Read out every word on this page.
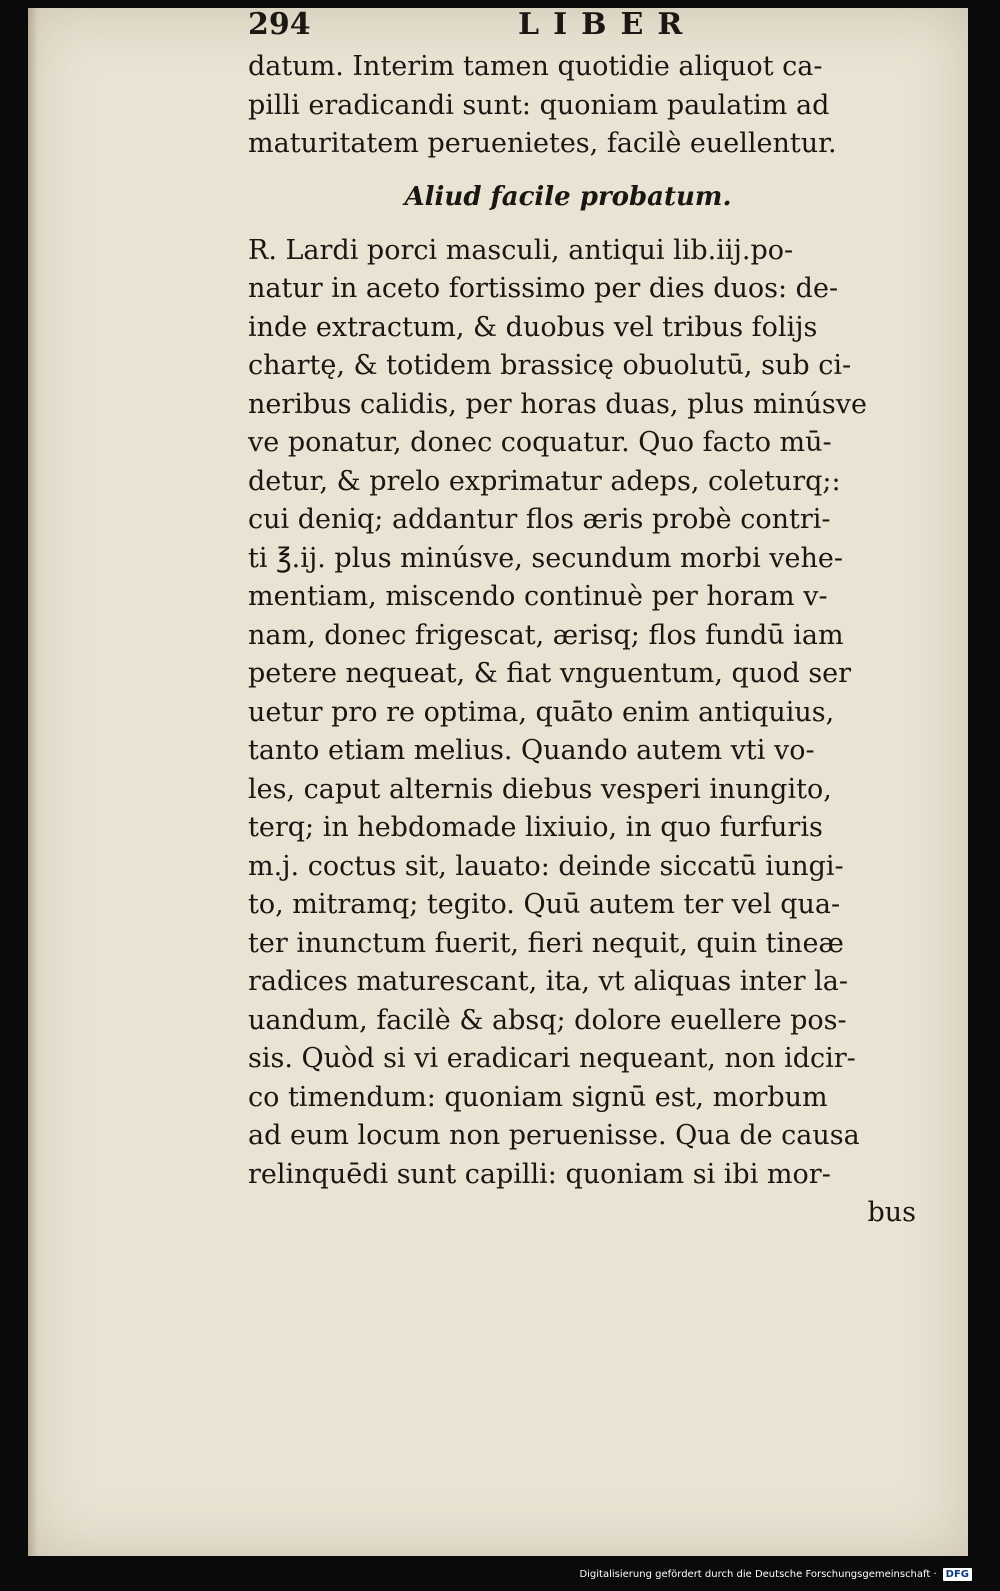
294	LIBER
datum. Interim tamen quotidie aliquot ca-
pilli eradicandi sunt: quoniam paulatim ad
maturitatem peruenietes, facilè euellentur.
Aliud facile probatum.
R. Lardi porci masculi, antiqui lib.iij.po-
natur in aceto fortissimo per dies duos: de-
inde extractum, & duobus vel tribus folijs
chartę, & totidem brassicę obuolutū, sub ci-
neribus calidis, per horas duas, plus minúsve
ve ponatur, donec coquatur. Quo facto mū-
detur, & prelo exprimatur adeps, coleturq;:
cui deniq; addantur flos æris probè contri-
ti ℥.ij. plus minúsve, secundum morbi vehe-
mentiam, miscendo continuè per horam v-
nam, donec frigescat, ærisq; flos fundū iam
petere nequeat, & fiat vnguentum, quod ser
uetur pro re optima, quāto enim antiquius,
tanto etiam melius. Quando autem vti vo-
les, caput alternis diebus vesperi inungito,
terq; in hebdomade lixiuio, in quo furfuris
m.j. coctus sit, lauato: deinde siccatū iungi-
to, mitramq; tegito. Quū autem ter vel qua-
ter inunctum fuerit, fieri nequit, quin tineæ
radices maturescant, ita, vt aliquas inter la-
uandum, facilè & absq; dolore euellere pos-
sis. Quòd si vi eradicari nequeant, non idcir-
co timendum: quoniam signū est, morbum
ad eum locum non peruenisse. Qua de causa
relinquēdi sunt capilli: quoniam si ibi mor-
bus
Digitalisierung gefördert durch die Deutsche Forschungsgemeinschaft · DFG
